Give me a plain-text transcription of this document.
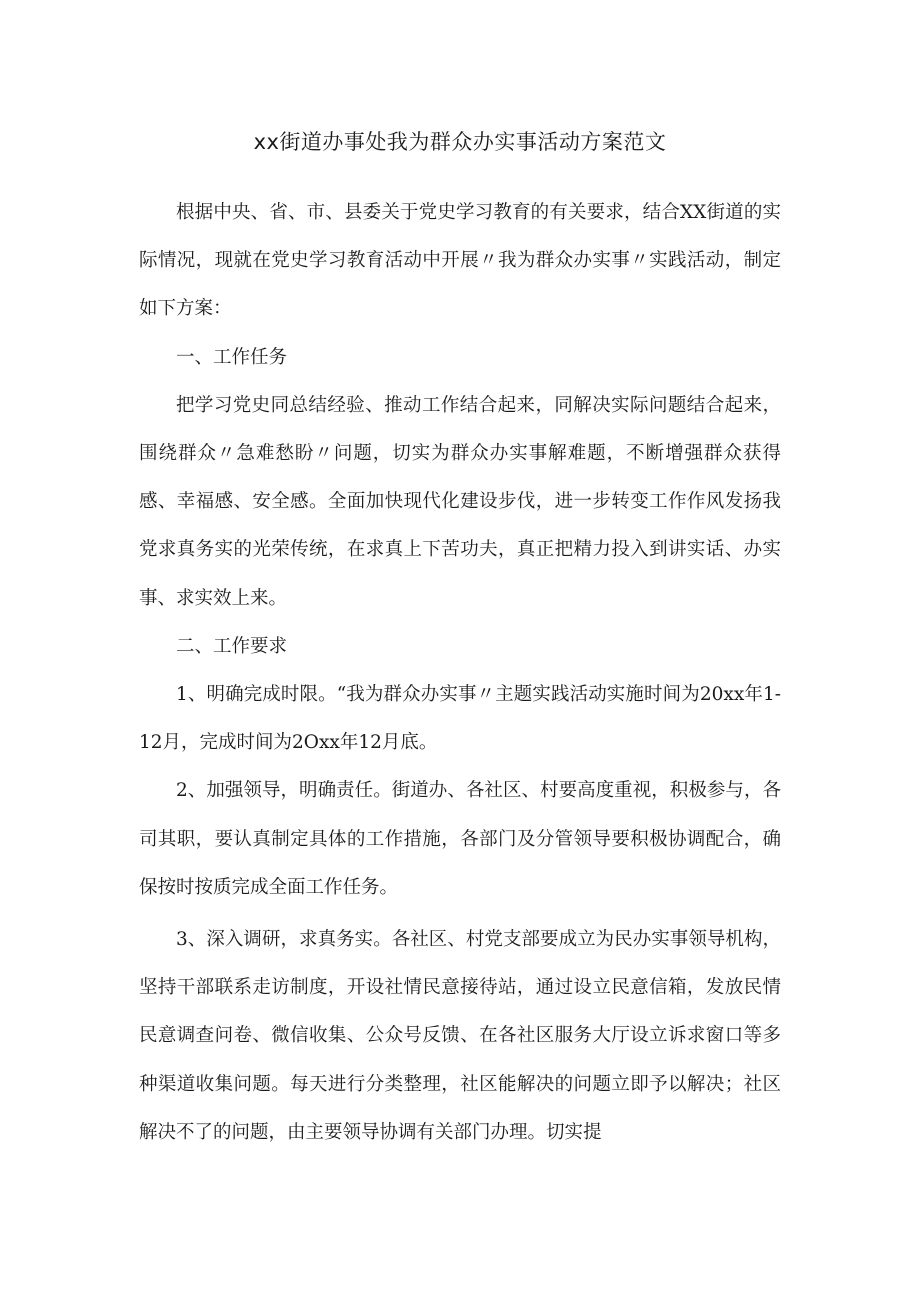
xx街道办事处我为群众办实事活动方案范文

根据中央、省、市、县委关于党史学习教育的有关要求，结合XX街道的实际情况，现就在党史学习教育活动中开展〃我为群众办实事〃实践活动，制定如下方案：

一、工作任务

把学习党史同总结经验、推动工作结合起来，同解决实际问题结合起来，围绕群众〃急难愁盼〃问题，切实为群众办实事解难题，不断增强群众获得感、幸福感、安全感。全面加快现代化建设步伐，进一步转变工作作风发扬我党求真务实的光荣传统，在求真上下苦功夫，真正把精力投入到讲实话、办实事、求实效上来。

二、工作要求

1、明确完成时限。“我为群众办实事〃主题实践活动实施时间为20xx年1-12月，完成时间为2Oxx年12月底。

2、加强领导，明确责任。街道办、各社区、村要高度重视，积极参与，各司其职，要认真制定具体的工作措施，各部门及分管领导要积极协调配合，确保按时按质完成全面工作任务。

3、深入调研，求真务实。各社区、村党支部要成立为民办实事领导机构，坚持干部联系走访制度，开设社情民意接待站，通过设立民意信箱，发放民情民意调查问卷、微信收集、公众号反馈、在各社区服务大厅设立诉求窗口等多种渠道收集问题。每天进行分类整理，社区能解决的问题立即予以解决；社区解决不了的问题，由主要领导协调有关部门办理。切实提
